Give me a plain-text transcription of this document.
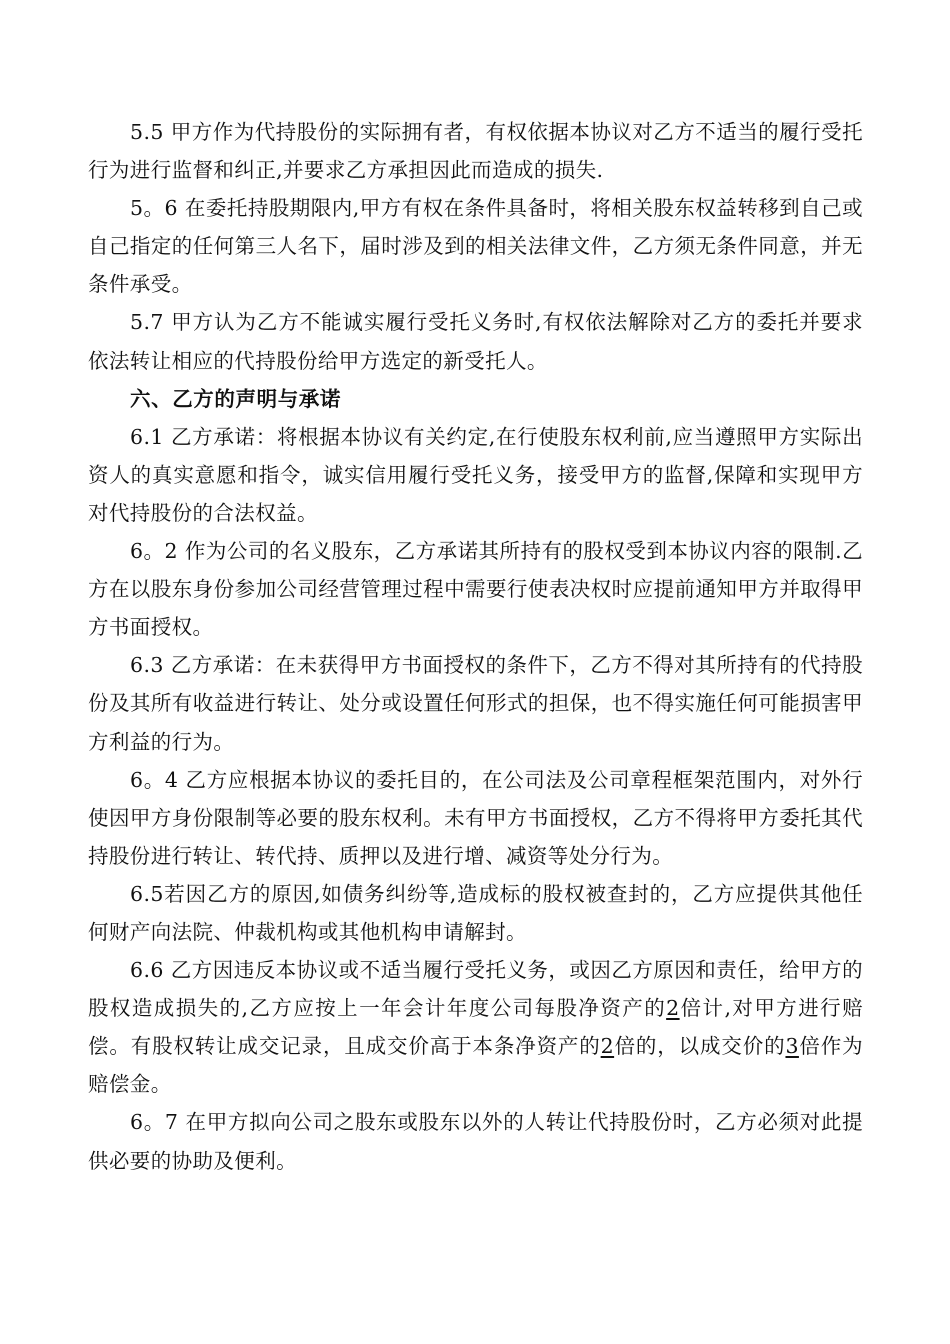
5.5 甲方作为代持股份的实际拥有者，有权依据本协议对乙方不适当的履行受托行为进行监督和纠正,并要求乙方承担因此而造成的损失.

5。6 在委托持股期限内,甲方有权在条件具备时，将相关股东权益转移到自己或自己指定的任何第三人名下，届时涉及到的相关法律文件，乙方须无条件同意，并无条件承受。

5.7 甲方认为乙方不能诚实履行受托义务时,有权依法解除对乙方的委托并要求依法转让相应的代持股份给甲方选定的新受托人。

六、乙方的声明与承诺

6.1 乙方承诺：将根据本协议有关约定,在行使股东权利前,应当遵照甲方实际出资人的真实意愿和指令，诚实信用履行受托义务，接受甲方的监督,保障和实现甲方对代持股份的合法权益。

6。2 作为公司的名义股东，乙方承诺其所持有的股权受到本协议内容的限制.乙方在以股东身份参加公司经营管理过程中需要行使表决权时应提前通知甲方并取得甲方书面授权。

6.3 乙方承诺：在未获得甲方书面授权的条件下，乙方不得对其所持有的代持股份及其所有收益进行转让、处分或设置任何形式的担保，也不得实施任何可能损害甲方利益的行为。

6。4 乙方应根据本协议的委托目的，在公司法及公司章程框架范围内，对外行使因甲方身份限制等必要的股东权利。未有甲方书面授权，乙方不得将甲方委托其代持股份进行转让、转代持、质押以及进行增、减资等处分行为。

6.5若因乙方的原因,如债务纠纷等,造成标的股权被查封的，乙方应提供其他任何财产向法院、仲裁机构或其他机构申请解封。

6.6 乙方因违反本协议或不适当履行受托义务，或因乙方原因和责任，给甲方的股权造成损失的,乙方应按上一年会计年度公司每股净资产的2倍计,对甲方进行赔偿。有股权转让成交记录，且成交价高于本条净资产的2倍的，以成交价的3倍作为赔偿金。

6。7 在甲方拟向公司之股东或股东以外的人转让代持股份时，乙方必须对此提供必要的协助及便利。
